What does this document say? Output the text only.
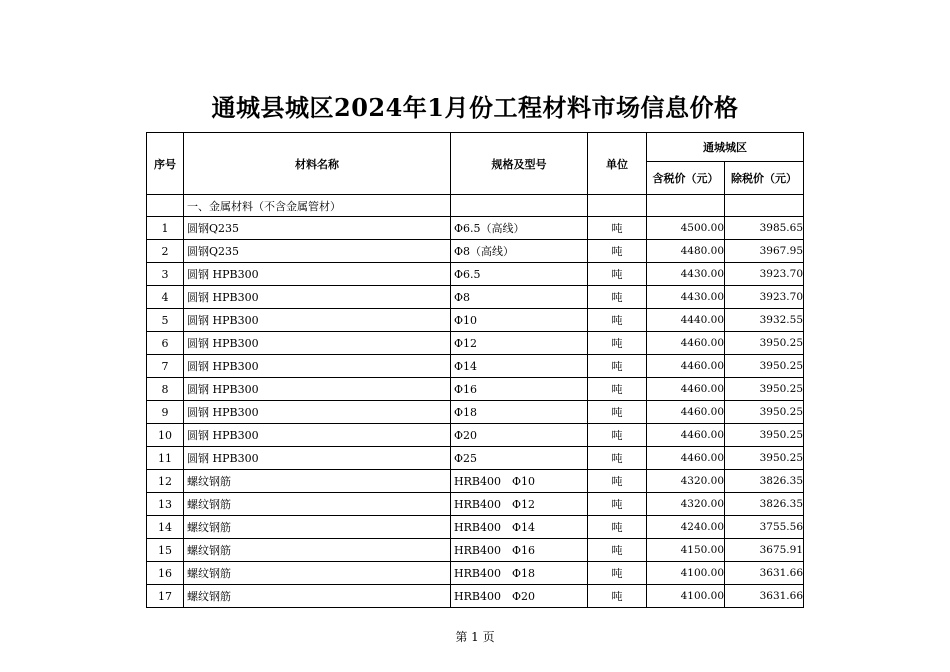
通城县城区2024年1月份工程材料市场信息价格
序号	材料名称	规格及型号	单位	通城城区	
				含税价（元）	除税价（元）
	一、金属材料（不含金属管材）				
1	圆钢Q235	Φ6.5（高线）	吨	4500.00	3985.65
2	圆钢Q235	Φ8（高线）	吨	4480.00	3967.95
3	圆钢 HPB300	Φ6.5	吨	4430.00	3923.70
4	圆钢 HPB300	Φ8	吨	4430.00	3923.70
5	圆钢 HPB300	Φ10	吨	4440.00	3932.55
6	圆钢 HPB300	Φ12	吨	4460.00	3950.25
7	圆钢 HPB300	Φ14	吨	4460.00	3950.25
8	圆钢 HPB300	Φ16	吨	4460.00	3950.25
9	圆钢 HPB300	Φ18	吨	4460.00	3950.25
10	圆钢 HPB300	Φ20	吨	4460.00	3950.25
11	圆钢 HPB300	Φ25	吨	4460.00	3950.25
12	螺纹钢筋	HRB400　Φ10	吨	4320.00	3826.35
13	螺纹钢筋	HRB400　Φ12	吨	4320.00	3826.35
14	螺纹钢筋	HRB400　Φ14	吨	4240.00	3755.56
15	螺纹钢筋	HRB400　Φ16	吨	4150.00	3675.91
16	螺纹钢筋	HRB400　Φ18	吨	4100.00	3631.66
17	螺纹钢筋	HRB400　Φ20	吨	4100.00	3631.66
第 1 页
